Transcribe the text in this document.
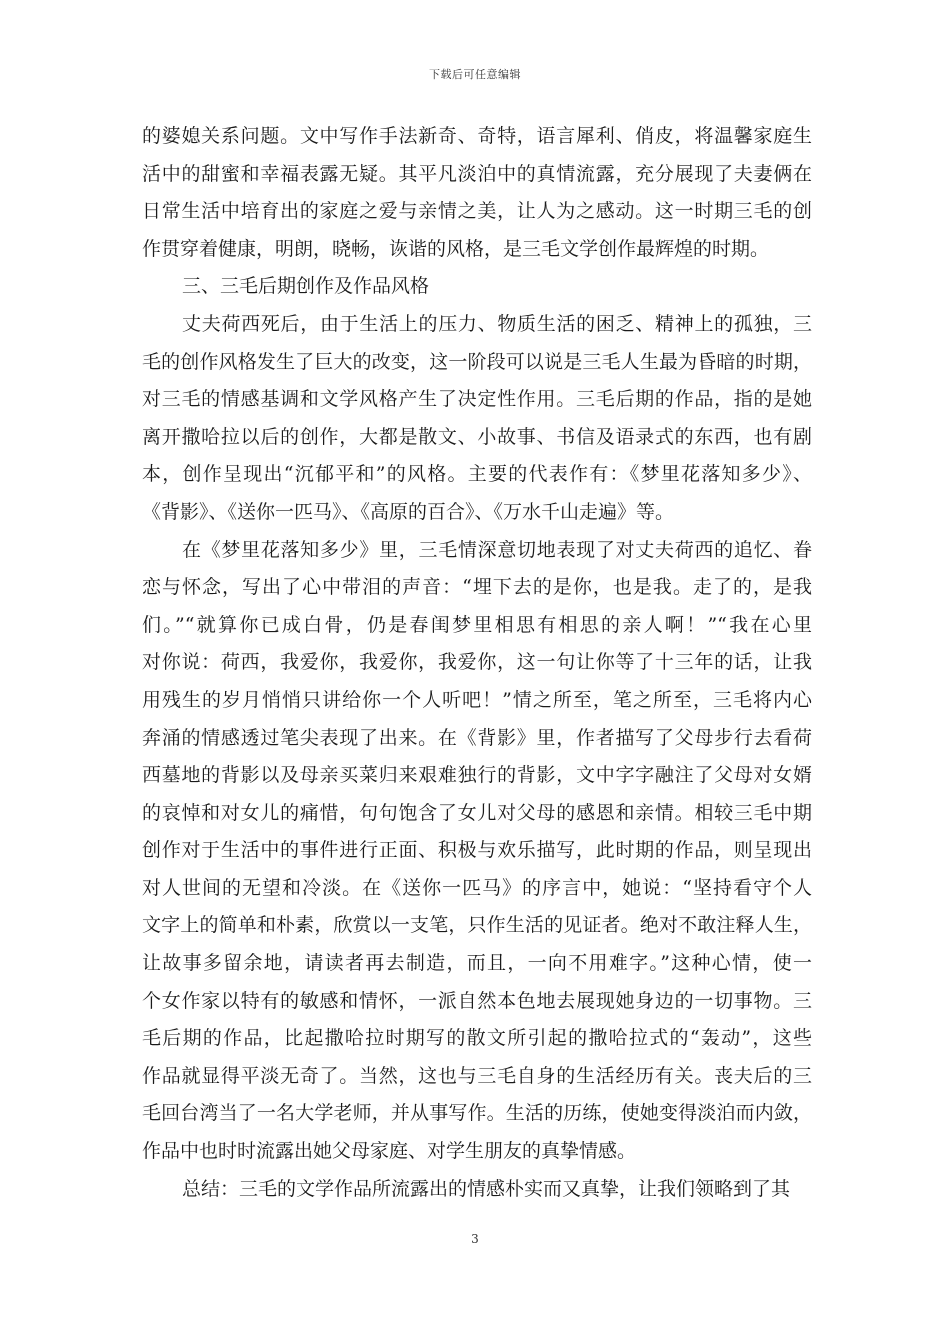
下载后可任意编辑
的婆媳关系问题。文中写作手法新奇、奇特，语言犀利、俏皮，将温馨家庭生
活中的甜蜜和幸福表露无疑。其平凡淡泊中的真情流露，充分展现了夫妻俩在
日常生活中培育出的家庭之爱与亲情之美，让人为之感动。这一时期三毛的创
作贯穿着健康，明朗，晓畅，诙谐的风格，是三毛文学创作最辉煌的时期。
三、三毛后期创作及作品风格
丈夫荷西死后，由于生活上的压力、物质生活的困乏、精神上的孤独，三
毛的创作风格发生了巨大的改变，这一阶段可以说是三毛人生最为昏暗的时期，
对三毛的情感基调和文学风格产生了决定性作用。三毛后期的作品，指的是她
离开撒哈拉以后的创作，大都是散文、小故事、书信及语录式的东西，也有剧
本，创作呈现出“沉郁平和”的风格。主要的代表作有：《梦里花落知多少》、
《背影》、《送你一匹马》、《高原的百合》、《万水千山走遍》等。
在《梦里花落知多少》里，三毛情深意切地表现了对丈夫荷西的追忆、眷
恋与怀念，写出了心中带泪的声音：“埋下去的是你，也是我。走了的，是我
们。”“就算你已成白骨，仍是春闺梦里相思有相思的亲人啊！”“我在心里
对你说：荷西，我爱你，我爱你，我爱你，这一句让你等了十三年的话，让我
用残生的岁月悄悄只讲给你一个人听吧！”情之所至，笔之所至，三毛将内心
奔涌的情感透过笔尖表现了出来。在《背影》里，作者描写了父母步行去看荷
西墓地的背影以及母亲买菜归来艰难独行的背影，文中字字融注了父母对女婿
的哀悼和对女儿的痛惜，句句饱含了女儿对父母的感恩和亲情。相较三毛中期
创作对于生活中的事件进行正面、积极与欢乐描写，此时期的作品，则呈现出
对人世间的无望和冷淡。在《送你一匹马》的序言中，她说：“坚持看守个人
文字上的简单和朴素，欣赏以一支笔，只作生活的见证者。绝对不敢注释人生，
让故事多留余地，请读者再去制造，而且，一向不用难字。”这种心情，使一
个女作家以特有的敏感和情怀，一派自然本色地去展现她身边的一切事物。三
毛后期的作品，比起撒哈拉时期写的散文所引起的撒哈拉式的“轰动”，这些
作品就显得平淡无奇了。当然，这也与三毛自身的生活经历有关。丧夫后的三
毛回台湾当了一名大学老师，并从事写作。生活的历练，使她变得淡泊而内敛，
作品中也时时流露出她父母家庭、对学生朋友的真挚情感。
总结：三毛的文学作品所流露出的情感朴实而又真挚，让我们领略到了其
3
